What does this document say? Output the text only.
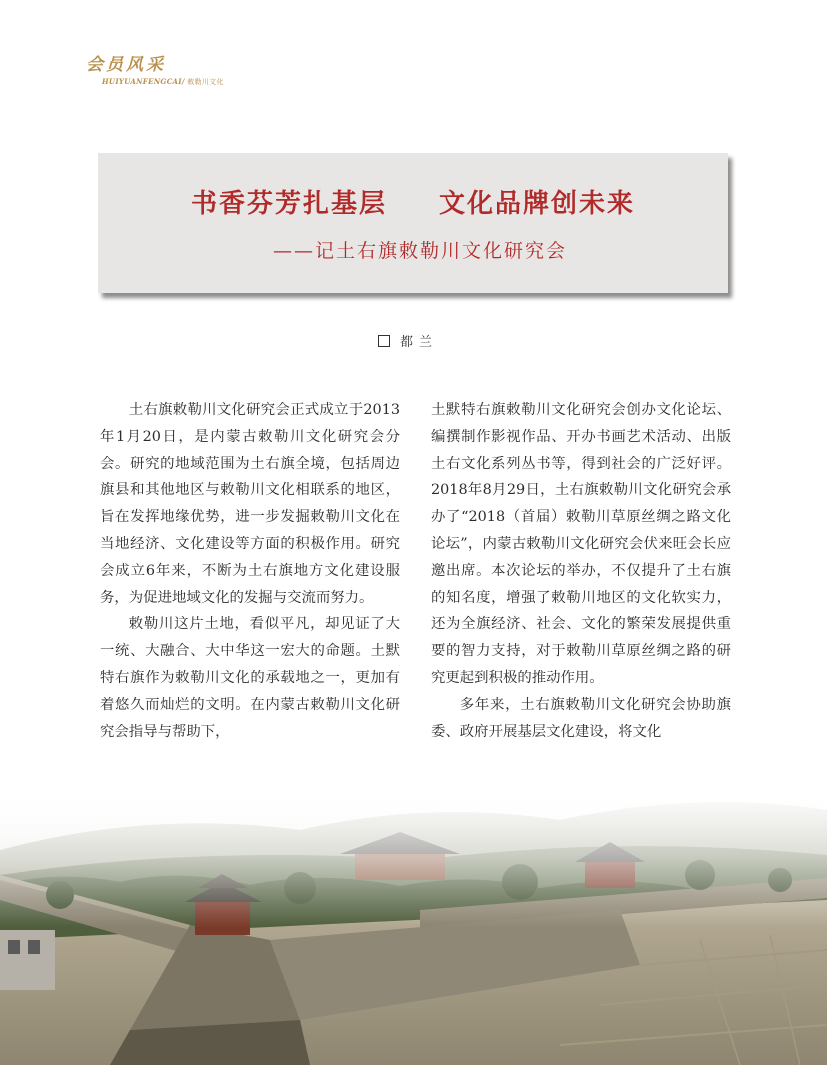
会员风采
HUIYUANFENGCAI/ 敕勒川文化
书香芬芳扎基层 文化品牌创未来
——记土右旗敕勒川文化研究会
都兰

土右旗敕勒川文化研究会正式成立于2013年1月20日，是内蒙古敕勒川文化研究会分会。研究的地域范围为土右旗全境，包括周边旗县和其他地区与敕勒川文化相联系的地区，旨在发挥地缘优势，进一步发掘敕勒川文化在当地经济、文化建设等方面的积极作用。研究会成立6年来，不断为土右旗地方文化建设服务，为促进地域文化的发掘与交流而努力。

敕勒川这片土地，看似平凡，却见证了大一统、大融合、大中华这一宏大的命题。土默特右旗作为敕勒川文化的承载地之一，更加有着悠久而灿烂的文明。在内蒙古敕勒川文化研究会指导与帮助下，

土默特右旗敕勒川文化研究会创办文化论坛、编撰制作影视作品、开办书画艺术活动、出版土右文化系列丛书等，得到社会的广泛好评。2018年8月29日，土右旗敕勒川文化研究会承办了“2018（首届）敕勒川草原丝绸之路文化论坛”，内蒙古敕勒川文化研究会伏来旺会长应邀出席。本次论坛的举办，不仅提升了土右旗的知名度，增强了敕勒川地区的文化软实力，还为全旗经济、社会、文化的繁荣发展提供重要的智力支持，对于敕勒川草原丝绸之路的研究更起到积极的推动作用。

多年来，土右旗敕勒川文化研究会协助旗委、政府开展基层文化建设，将文化
